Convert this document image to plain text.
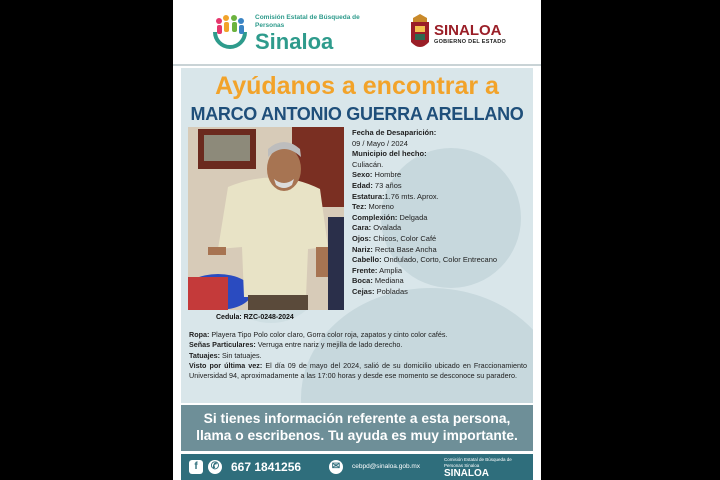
Comisión Estatal de Búsqueda de Personas
Sinaloa	SINALOA
GOBIERNO DEL ESTADO
Ayúdanos a encontrar a
MARCO ANTONIO GUERRA ARELLANO
Cedula: RZC-0248-2024
Fecha de Desaparición:
09 / Mayo / 2024
Municipio del hecho:
Culiacán.
Sexo: Hombre
Edad: 73 años
Estatura:1.76 mts. Aprox.
Tez: Moreno
Complexión: Delgada
Cara: Ovalada
Ojos: Chicos, Color Café
Nariz: Recta Base Ancha
Cabello: Ondulado, Corto, Color Entrecano
Frente: Amplia
Boca: Mediana
Cejas: Pobladas
Ropa: Playera Tipo Polo color claro, Gorra color roja, zapatos y cinto color cafés.
Señas Particulares: Verruga entre nariz y mejilla de lado derecho.
Tatuajes: Sin tatuajes.
Visto por última vez: El día 09 de mayo del 2024, salió de su domicilio ubicado en Fraccionamiento Universidad 94, aproximadamente a las 17:00 horas y desde ese momento se desconoce su paradero.
Si tienes información referente a esta persona,
llama o escribenos. Tu ayuda es muy importante.
f	✆ 667 1841256	✉	cebpd@sinaloa.gob.mx
Comisión Estatal de Búsqueda de Personas Sinaloa
SINALOA
